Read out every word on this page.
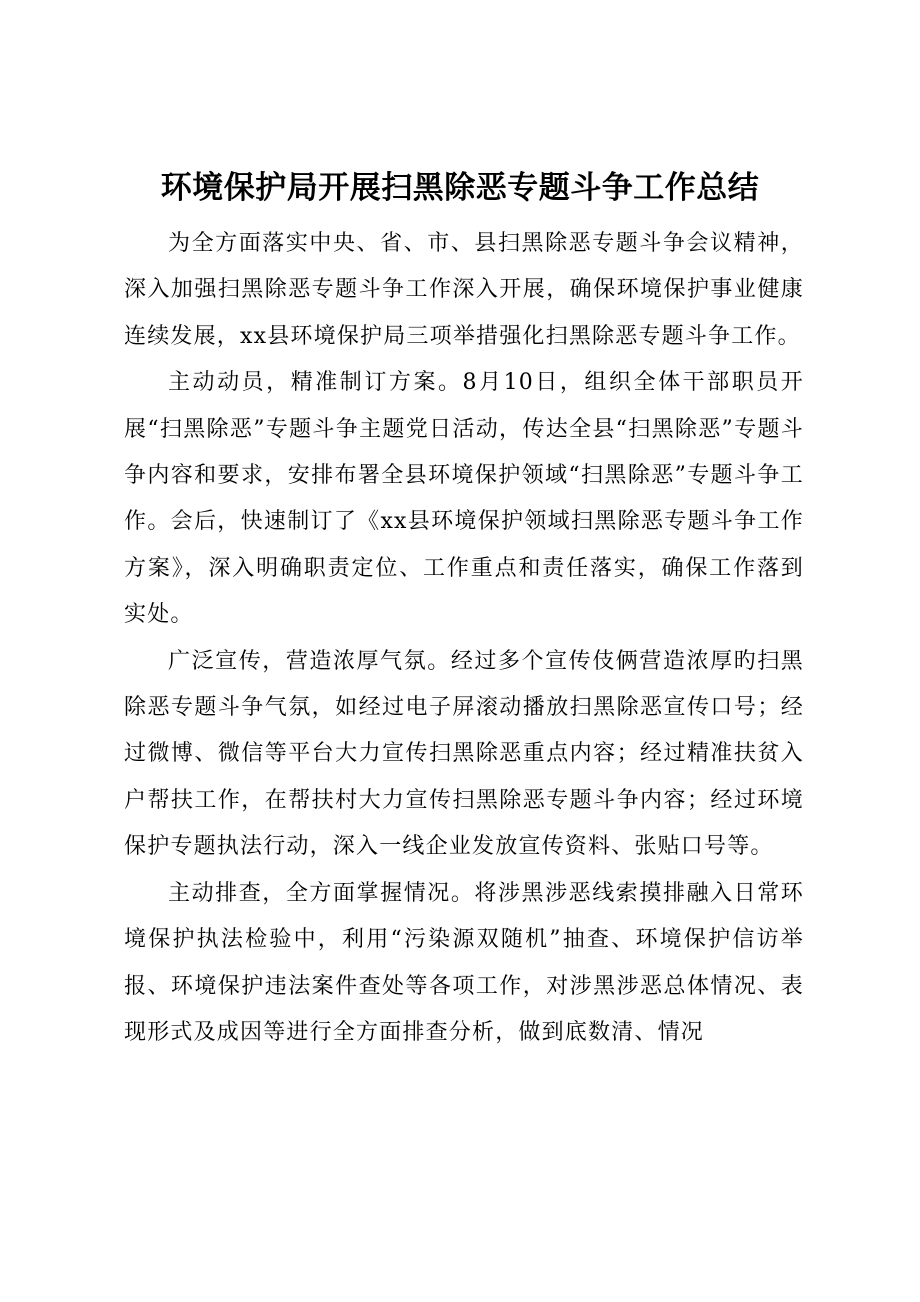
环境保护局开展扫黑除恶专题斗争工作总结

为全方面落实中央、省、市、县扫黑除恶专题斗争会议精神，深入加强扫黑除恶专题斗争工作深入开展，确保环境保护事业健康连续发展，xx县环境保护局三项举措强化扫黑除恶专题斗争工作。

主动动员，精准制订方案。8月10日，组织全体干部职员开展“扫黑除恶”专题斗争主题党日活动，传达全县“扫黑除恶”专题斗争内容和要求，安排布署全县环境保护领域“扫黑除恶”专题斗争工作。会后，快速制订了《xx县环境保护领域扫黑除恶专题斗争工作方案》，深入明确职责定位、工作重点和责任落实，确保工作落到实处。

广泛宣传，营造浓厚气氛。经过多个宣传伎俩营造浓厚旳扫黑除恶专题斗争气氛，如经过电子屏滚动播放扫黑除恶宣传口号；经过微博、微信等平台大力宣传扫黑除恶重点内容；经过精准扶贫入户帮扶工作，在帮扶村大力宣传扫黑除恶专题斗争内容；经过环境保护专题执法行动，深入一线企业发放宣传资料、张贴口号等。

主动排查，全方面掌握情况。将涉黑涉恶线索摸排融入日常环境保护执法检验中，利用“污染源双随机”抽查、环境保护信访举报、环境保护违法案件查处等各项工作，对涉黑涉恶总体情况、表现形式及成因等进行全方面排查分析，做到底数清、情况
